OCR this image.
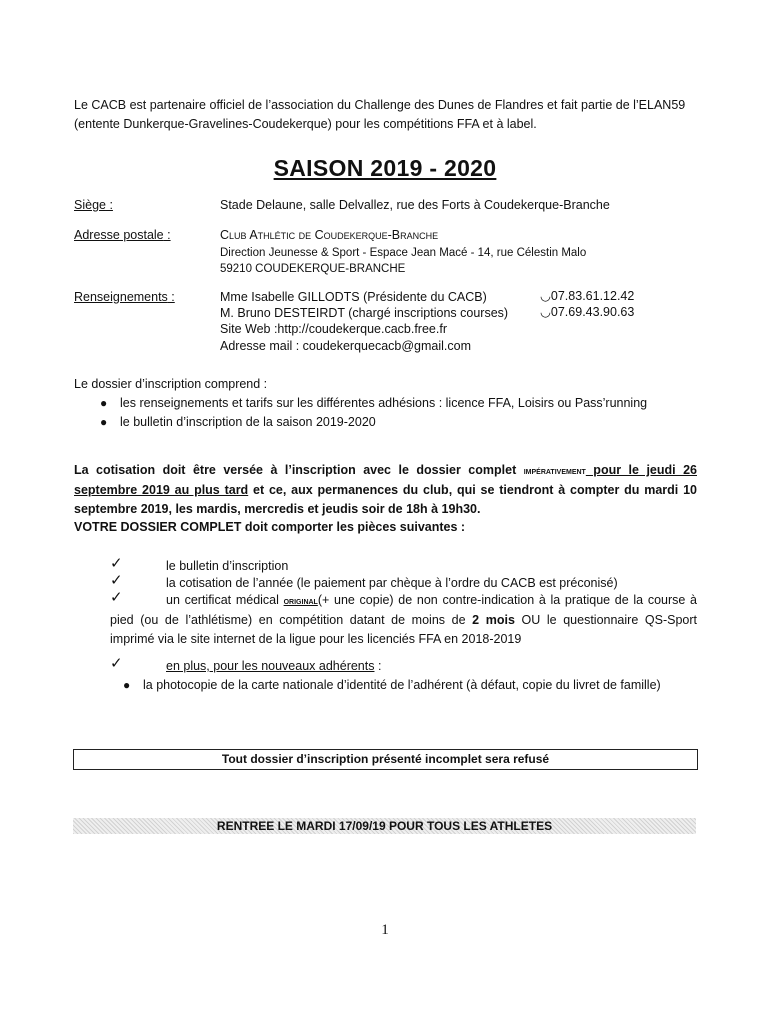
Le CACB est partenaire officiel de l’association du Challenge des Dunes de Flandres et fait partie de l’ELAN59 (entente Dunkerque-Gravelines-Coudekerque) pour les compétitions FFA et à label.

SAISON 2019 - 2020
Siège :	Stade Delaune, salle Delvallez, rue des Forts à Coudekerque-Branche
Adresse postale :	Club Athlétic de Coudekerque-Branche
Direction Jeunesse & Sport - Espace Jean Macé - 14, rue Célestin Malo
59210 COUDEKERQUE-BRANCHE
Renseignements :	Mme Isabelle GILLODTS (Présidente du CACB)	◡07.83.61.12.42
M. Bruno DESTEIRDT (chargé inscriptions courses)	◡07.69.43.90.63
Site Web :http://coudekerque.cacb.free.fr
Adresse mail : coudekerquecacb@gmail.com
Le dossier d’inscription comprend :
● les renseignements et tarifs sur les différentes adhésions : licence FFA, Loisirs ou Pass’running
● le bulletin d’inscription de la saison 2019-2020

La cotisation doit être versée à l’inscription avec le dossier complet impérativement pour le jeudi 26 septembre 2019 au plus tard et ce, aux permanences du club, qui se tiendront à compter du mardi 10 septembre 2019, les mardis, mercredis et jeudis soir de 18h à 19h30.

VOTRE DOSSIER COMPLET doit comporter les pièces suivantes :
✓	le bulletin d’inscription
✓	la cotisation de l’année (le paiement par chèque à l’ordre du CACB est préconisé)
✓	un certificat médical original(+ une copie) de non contre-indication à la pratique de la course à pied (ou de l’athlétisme) en compétition datant de moins de 2 mois OU le questionnaire QS-Sport imprimé via le site internet de la ligue pour les licenciés FFA en 2018-2019

✓	en plus, pour les nouveaux adhérents :
● la photocopie de la carte nationale d’identité de l’adhérent (à défaut, copie du livret de famille)
Tout dossier d’inscription présenté incomplet sera refusé
RENTREE LE MARDI 17/09/19 POUR TOUS LES ATHLETES
1
